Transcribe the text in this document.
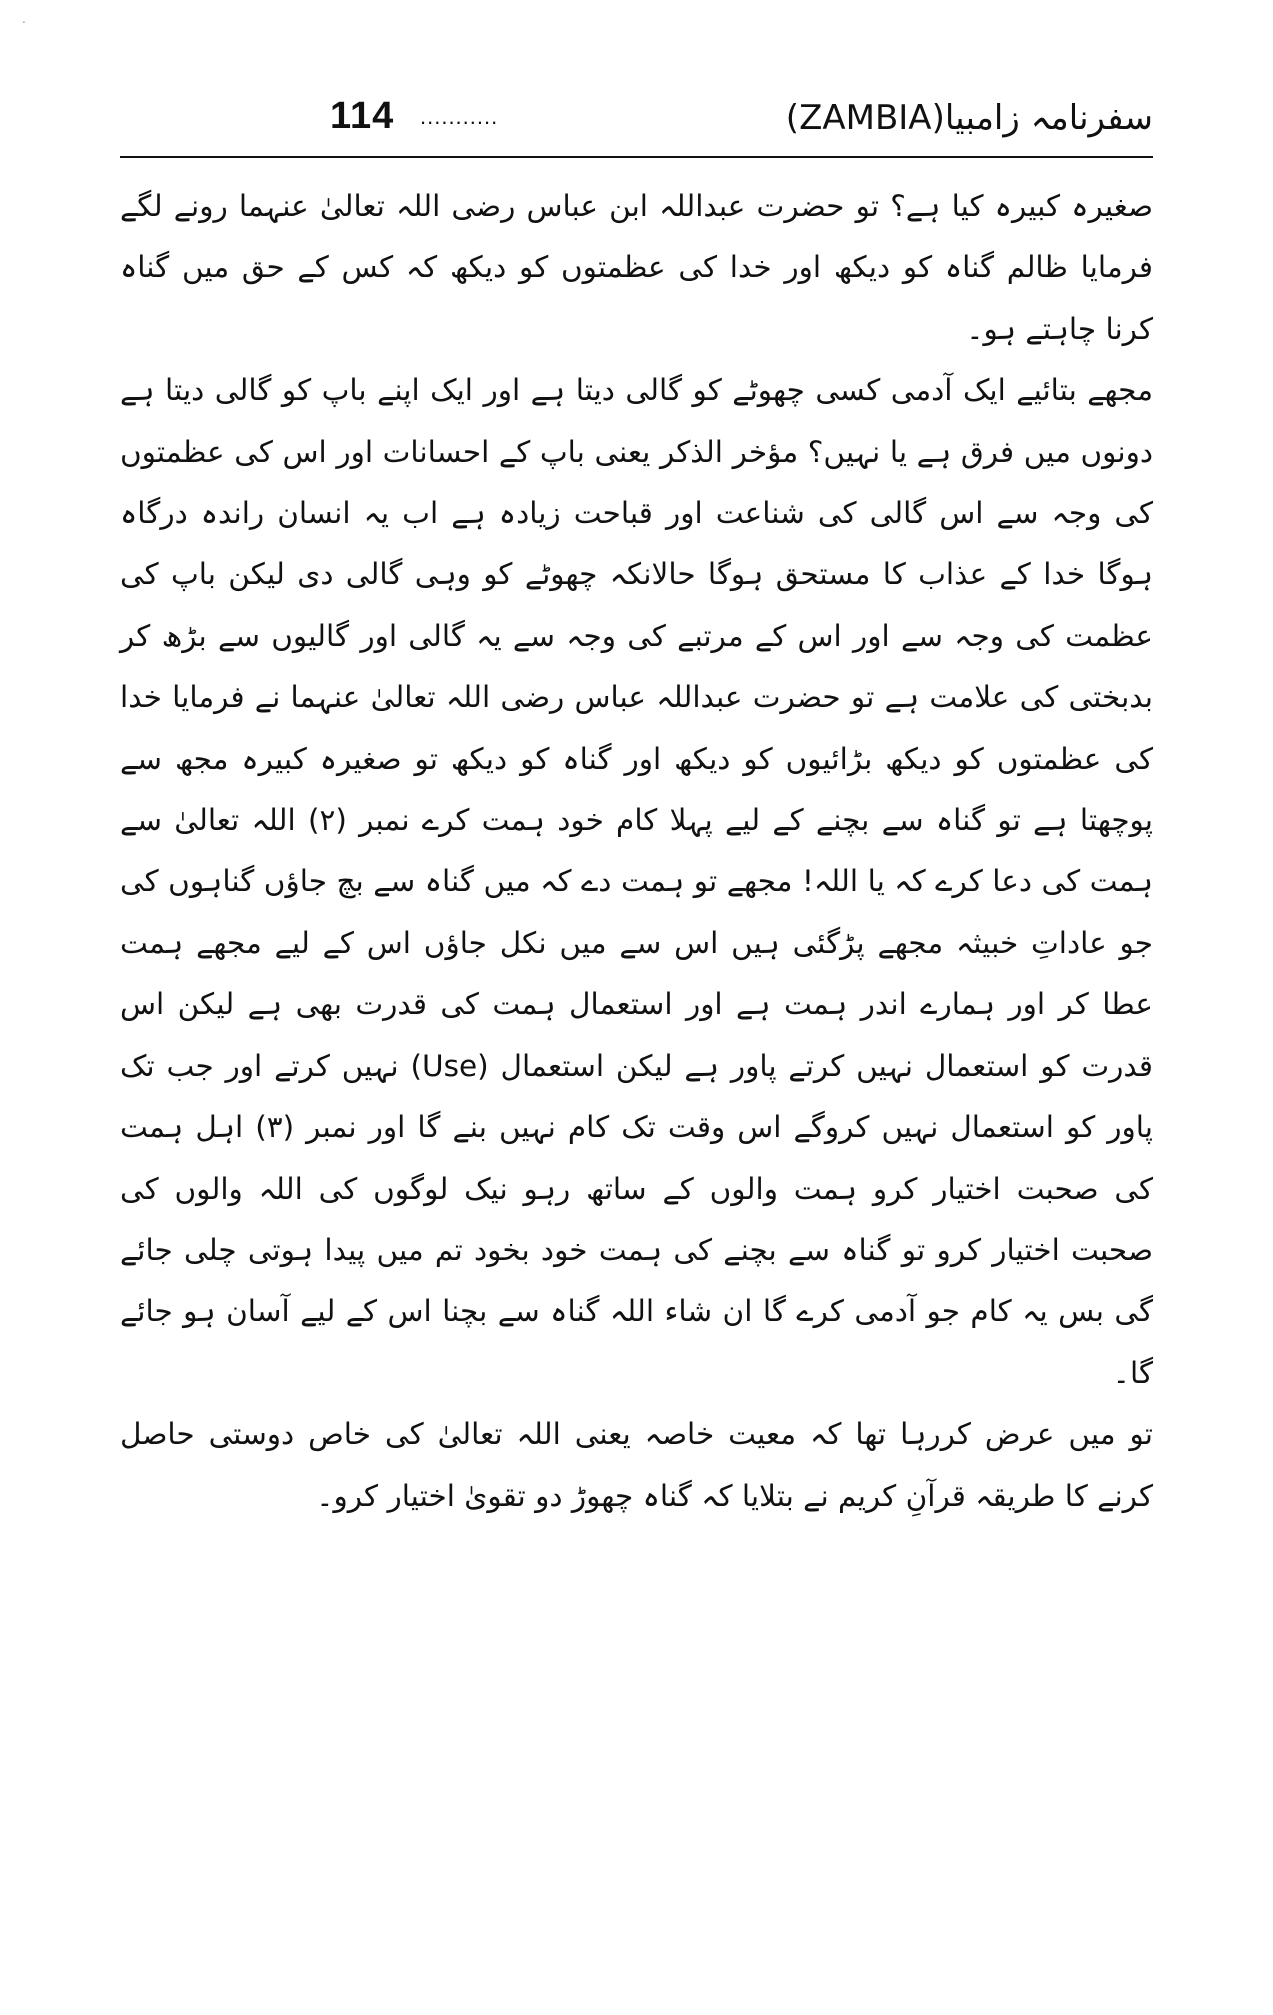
.
114 ...........	سفرنامہ زامبیا(ZAMBIA)

صغیرہ کبیرہ کیا ہے؟ تو حضرت عبداللہ ابن عباس رضی اللہ تعالیٰ عنہما رونے لگے فرمایا ظالم گناہ کو دیکھ اور خدا کی عظمتوں کو دیکھ کہ کس کے حق میں گناہ کرنا چاہتے ہو۔

مجھے بتائیے ایک آدمی کسی چھوٹے کو گالی دیتا ہے اور ایک اپنے باپ کو گالی دیتا ہے دونوں میں فرق ہے یا نہیں؟ مؤخر الذکر یعنی باپ کے احسانات اور اس کی عظمتوں کی وجہ سے اس گالی کی شناعت اور قباحت زیادہ ہے اب یہ انسان راندہ درگاہ ہوگا خدا کے عذاب کا مستحق ہوگا حالانکہ چھوٹے کو وہی گالی دی لیکن باپ کی عظمت کی وجہ سے اور اس کے مرتبے کی وجہ سے یہ گالی اور گالیوں سے بڑھ کر بدبختی کی علامت ہے تو حضرت عبداللہ عباس رضی اللہ تعالیٰ عنہما نے فرمایا خدا کی عظمتوں کو دیکھ بڑائیوں کو دیکھ اور گناہ کو دیکھ تو صغیرہ کبیرہ مجھ سے پوچھتا ہے تو گناہ سے بچنے کے لیے پہلا کام خود ہمت کرے نمبر (۲) اللہ تعالیٰ سے ہمت کی دعا کرے کہ یا اللہ! مجھے تو ہمت دے کہ میں گناہ سے بچ جاؤں گناہوں کی جو عاداتِ خبیثہ مجھے پڑگئی ہیں اس سے میں نکل جاؤں اس کے لیے مجھے ہمت عطا کر اور ہمارے اندر ہمت ہے اور استعمال ہمت کی قدرت بھی ہے لیکن اس قدرت کو استعمال نہیں کرتے پاور ہے لیکن استعمال (Use) نہیں کرتے اور جب تک پاور کو استعمال نہیں کروگے اس وقت تک کام نہیں بنے گا اور نمبر (۳) اہل ہمت کی صحبت اختیار کرو ہمت والوں کے ساتھ رہو نیک لوگوں کی اللہ والوں کی صحبت اختیار کرو تو گناہ سے بچنے کی ہمت خود بخود تم میں پیدا ہوتی چلی جائے گی بس یہ کام جو آدمی کرے گا ان شاء اللہ گناہ سے بچنا اس کے لیے آسان ہو جائے گا۔

تو میں عرض کررہا تھا کہ معیت خاصہ یعنی اللہ تعالیٰ کی خاص دوستی حاصل کرنے کا طریقہ قرآنِ کریم نے بتلایا کہ گناہ چھوڑ دو تقویٰ اختیار کرو۔
